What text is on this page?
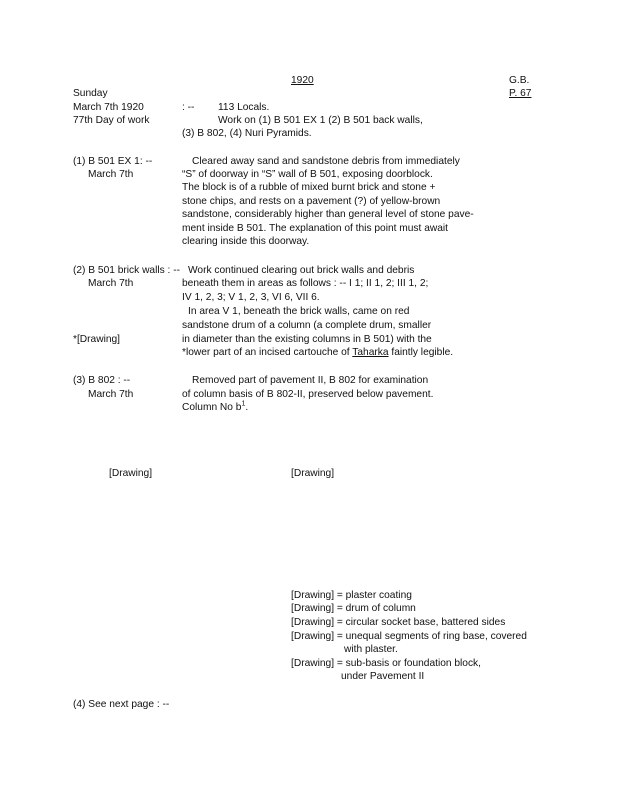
1920	G.B.
P. 67
Sunday
March 7th 1920	: -- 113 Locals.
77th Day of work	Work on (1) B 501 EX 1 (2) B 501 back walls,
(3) B 802, (4) Nuri Pyramids.
(1) B 501 EX 1: --
March 7th
Cleared away sand and sandstone debris from immediately
“S” of doorway in “S” wall of B 501, exposing doorblock.
The block is of a rubble of mixed burnt brick and stone +
stone chips, and rests on a pavement (?) of yellow-brown
sandstone, considerably higher than general level of stone pave-
ment inside B 501. The explanation of this point must await
clearing inside this doorway.
(2) B 501 brick walls : --
March 7th
*[Drawing]
Work continued clearing out brick walls and debris
beneath them in areas as follows : -- I 1; II 1, 2; III 1, 2;
IV 1, 2, 3; V 1, 2, 3, VI 6, VII 6.
In area V 1, beneath the brick walls, came on red
sandstone drum of a column (a complete drum, smaller
in diameter than the existing columns in B 501) with the
*lower part of an incised cartouche of Taharka faintly legible.
(3) B 802 : --
March 7th
Removed part of pavement II, B 802 for examination
of column basis of B 802-II, preserved below pavement.
Column No $b^1$.
[Drawing]	[Drawing]
[Drawing] = plaster coating
[Drawing] = drum of column
[Drawing] = circular socket base, battered sides
[Drawing] = unequal segments of ring base, covered
with plaster.
[Drawing] = sub-basis or foundation block,
under Pavement II
(4) See next page : --
